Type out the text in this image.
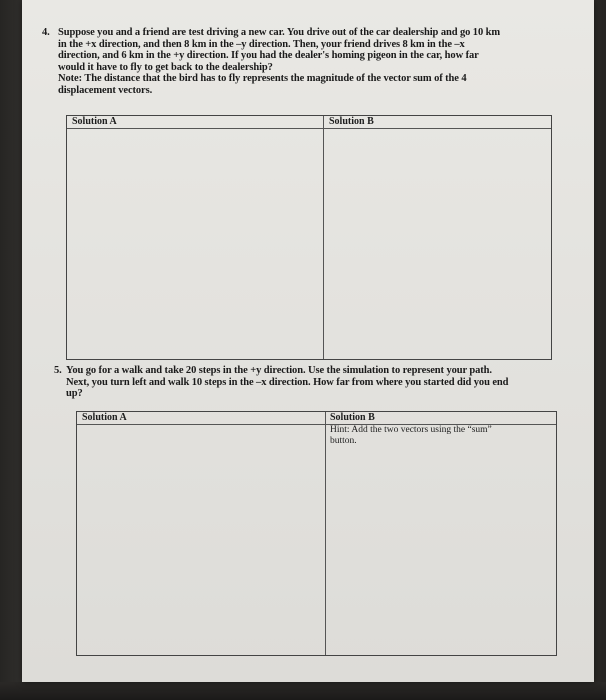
4. Suppose you and a friend are test driving a new car. You drive out of the car dealership and go 10 km
in the +x direction, and then 8 km in the –y direction. Then, your friend drives 8 km in the –x
direction, and 6 km in the +y direction. If you had the dealer's homing pigeon in the car, how far
would it have to fly to get back to the dealership?
Note: The distance that the bird has to fly represents the magnitude of the vector sum of the 4
displacement vectors.
Solution A	Solution B
5. You go for a walk and take 20 steps in the +y direction. Use the simulation to represent your path.
Next, you turn left and walk 10 steps in the –x direction. How far from where you started did you end
up?
Solution A	Solution B
Hint: Add the two vectors using the “sum”
button.
